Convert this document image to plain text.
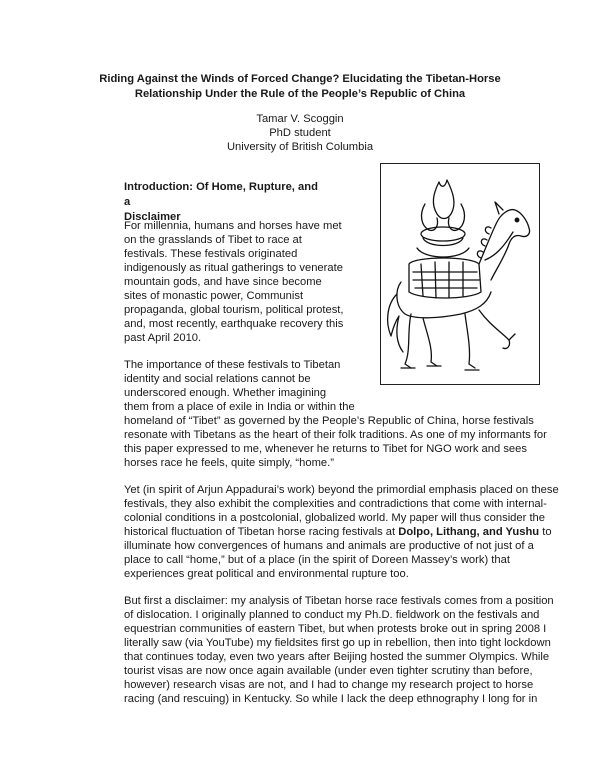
Riding Against the Winds of Forced Change? Elucidating the Tibetan-Horse
Relationship Under the Rule of the People’s Republic of China
Tamar V. Scoggin
PhD student
University of British Columbia
Introduction: Of Home, Rupture, and a
Disclaimer
For millennia, humans and horses have met
on the grasslands of Tibet to race at
festivals. These festivals originated
indigenously as ritual gatherings to venerate
mountain gods, and have since become
sites of monastic power, Communist
propaganda, global tourism, political protest,
and, most recently, earthquake recovery this
past April 2010.
The importance of these festivals to Tibetan
identity and social relations cannot be
underscored enough. Whether imagining
them from a place of exile in India or within the
homeland of “Tibet” as governed by the People’s Republic of China, horse festivals
resonate with Tibetans as the heart of their folk traditions. As one of my informants for
this paper expressed to me, whenever he returns to Tibet for NGO work and sees
horses race he feels, quite simply, “home.”
Yet (in spirit of Arjun Appadurai’s work) beyond the primordial emphasis placed on these
festivals, they also exhibit the complexities and contradictions that come with internal-
colonial conditions in a postcolonial, globalized world. My paper will thus consider the
historical fluctuation of Tibetan horse racing festivals at Dolpo, Lithang, and Yushu to
illuminate how convergences of humans and animals are productive of not just of a
place to call “home,” but of a place (in the spirit of Doreen Massey’s work) that
experiences great political and environmental rupture too.
But first a disclaimer: my analysis of Tibetan horse race festivals comes from a position
of dislocation. I originally planned to conduct my Ph.D. fieldwork on the festivals and
equestrian communities of eastern Tibet, but when protests broke out in spring 2008 I
literally saw (via YouTube) my fieldsites first go up in rebellion, then into tight lockdown
that continues today, even two years after Beijing hosted the summer Olympics. While
tourist visas are now once again available (under even tighter scrutiny than before,
however) research visas are not, and I had to change my research project to horse
racing (and rescuing) in Kentucky. So while I lack the deep ethnography I long for in
